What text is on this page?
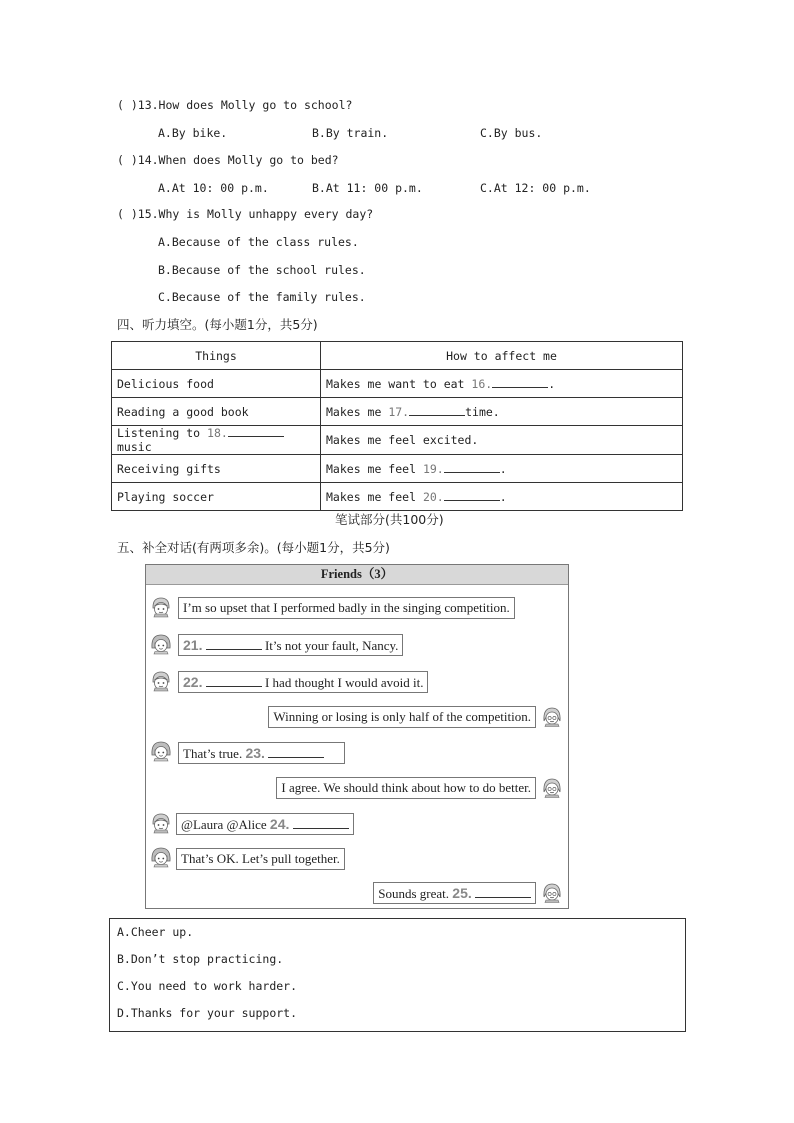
( )13.How does Molly go to school?
A.By bike.	B.By train.	C.By bus.
( )14.When does Molly go to bed?
A.At 10: 00 p.m.	B.At 11: 00 p.m.	C.At 12: 00 p.m.
( )15.Why is Molly unhappy every day?
A.Because of the class rules.
B.Because of the school rules.
C.Because of the family rules.
四、听力填空。(每小题1分，共5分)
Things	How to affect me
Delicious food	Makes me want to eat 16. .
Reading a good book	Makes me 17. time.
Listening to 18. music	Makes me feel excited.
Receiving gifts	Makes me feel 19. .
Playing soccer	Makes me feel 20. .
笔试部分(共100分)
五、补全对话(有两项多余)。(每小题1分，共5分)
Friends（3）
I’m so upset that I performed badly in the singing competition.
21.	It’s not your fault, Nancy.
22.	I had thought I would avoid it.
Winning or losing is only half of the competition.
That’s true. 23.
I agree. We should think about how to do better.
@Laura @Alice 24.
That’s OK. Let’s pull together.
Sounds great. 25.
A.Cheer up.
B.Don’t stop practicing.
C.You need to work harder.
D.Thanks for your support.
